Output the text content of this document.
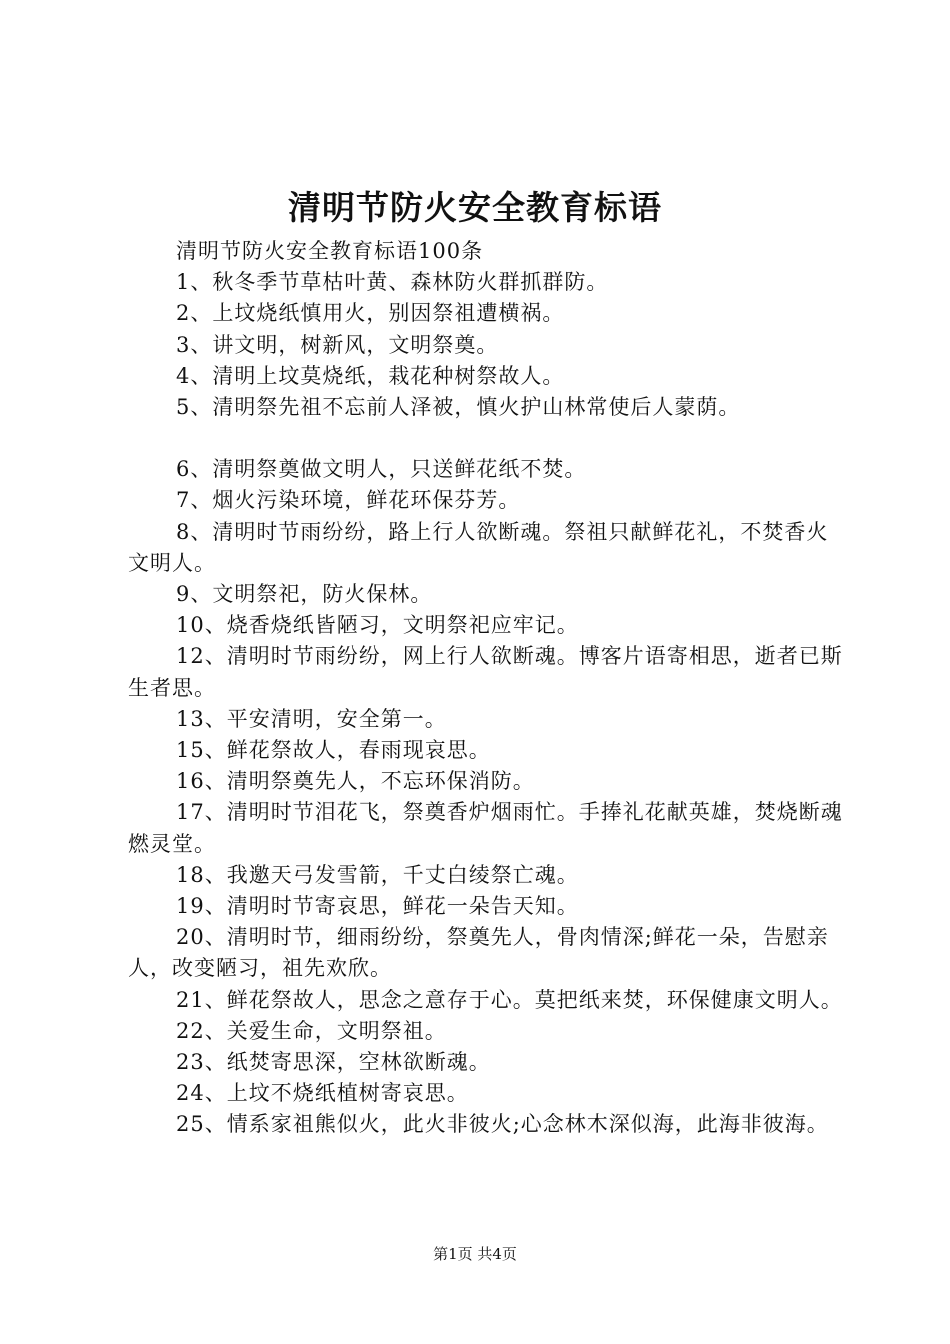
清明节防火安全教育标语

清明节防火安全教育标语100条

1、秋冬季节草枯叶黄、森林防火群抓群防。

2、上坟烧纸慎用火，别因祭祖遭横祸。

3、讲文明，树新风，文明祭奠。

4、清明上坟莫烧纸，栽花种树祭故人。

5、清明祭先祖不忘前人泽被，慎火护山林常使后人蒙荫。

6、清明祭奠做文明人，只送鲜花纸不焚。

7、烟火污染环境，鲜花环保芬芳。

8、清明时节雨纷纷，路上行人欲断魂。祭祖只献鲜花礼，不焚香火文明人。

9、文明祭祀，防火保林。

10、烧香烧纸皆陋习，文明祭祀应牢记。

12、清明时节雨纷纷，网上行人欲断魂。博客片语寄相思，逝者已斯生者思。

13、平安清明，安全第一。

15、鲜花祭故人，春雨现哀思。

16、清明祭奠先人，不忘环保消防。

17、清明时节泪花飞，祭奠香炉烟雨忙。手捧礼花献英雄，焚烧断魂燃灵堂。

18、我邀天弓发雪箭，千丈白绫祭亡魂。

19、清明时节寄哀思，鲜花一朵告天知。

20、清明时节，细雨纷纷，祭奠先人，骨肉情深;鲜花一朵，告慰亲人，改变陋习，祖先欢欣。

21、鲜花祭故人，思念之意存于心。莫把纸来焚，环保健康文明人。

22、关爱生命，文明祭祖。

23、纸焚寄思深，空林欲断魂。

24、上坟不烧纸植树寄哀思。

25、情系家祖熊似火，此火非彼火;心念林木深似海，此海非彼海。

第1页 共4页
